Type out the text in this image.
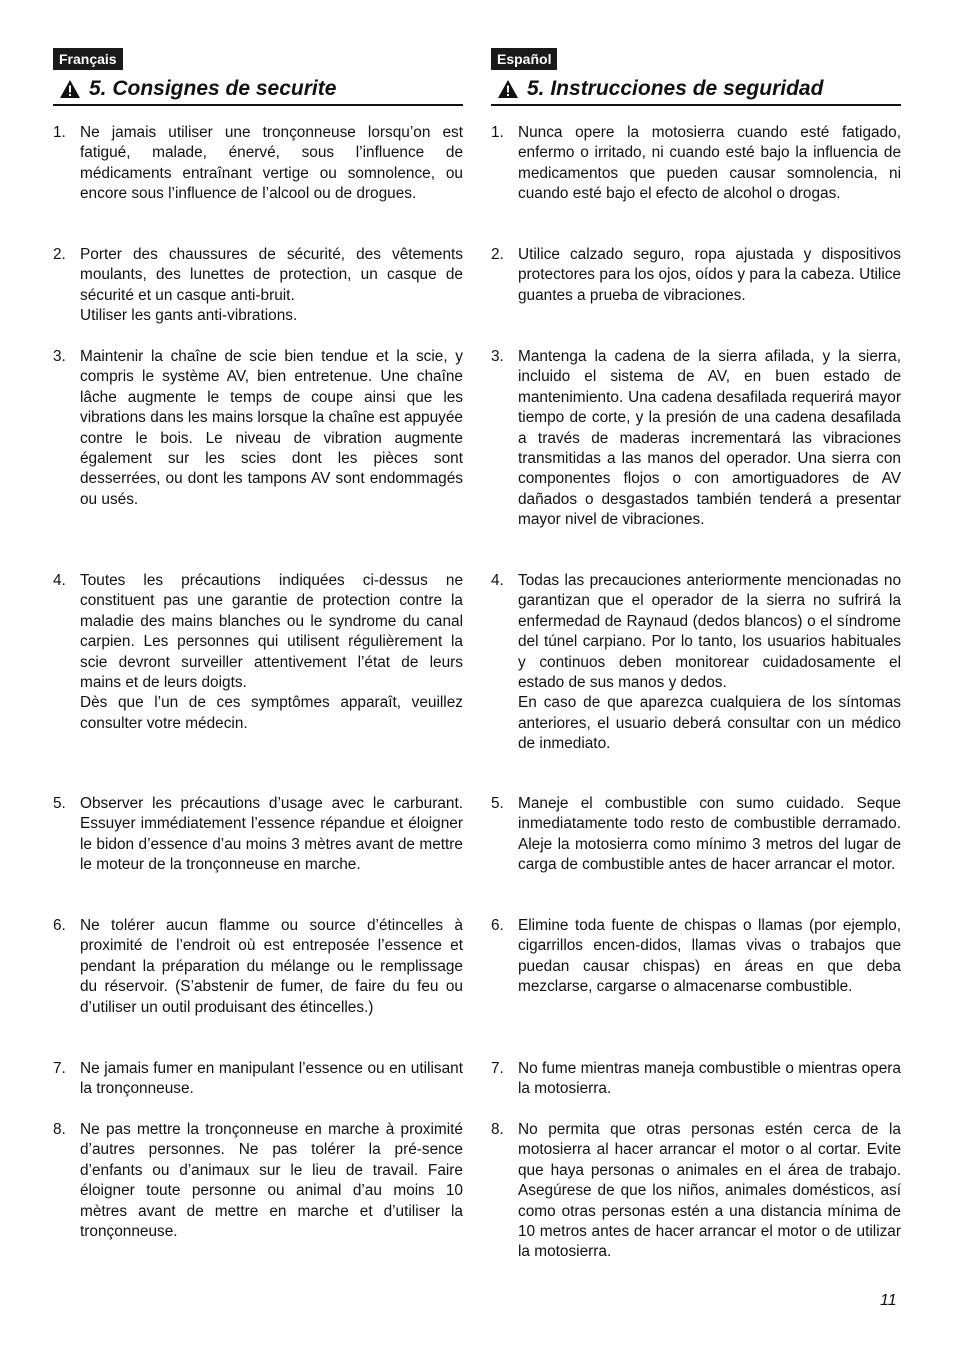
Français
5. Consignes de securite
1. Ne jamais utiliser une tronçonneuse lorsqu’on est fatigué, malade, énervé, sous l’influence de médicaments entraînant vertige ou somnolence, ou encore sous l’influence de l’alcool ou de drogues.

2. Porter des chaussures de sécurité, des vêtements moulants, des lunettes de protection, un casque de sécurité et un casque anti-bruit.

Utiliser les gants anti-vibrations.

3. Maintenir la chaîne de scie bien tendue et la scie, y compris le système AV, bien entretenue. Une chaîne lâche augmente le temps de coupe ainsi que les vibrations dans les mains lorsque la chaîne est appuyée contre le bois. Le niveau de vibration augmente également sur les scies dont les pièces sont desserrées, ou dont les tampons AV sont endommagés ou usés.

4. Toutes les précautions indiquées ci-dessus ne constituent pas une garantie de protection contre la maladie des mains blanches ou le syndrome du canal carpien. Les personnes qui utilisent régulièrement la scie devront surveiller attentivement l’état de leurs mains et de leurs doigts.

Dès que l’un de ces symptômes apparaît, veuillez consulter votre médecin.

5. Observer les précautions d’usage avec le carburant. Essuyer immédiatement l’essence répandue et éloigner le bidon d’essence d’au moins 3 mètres avant de mettre le moteur de la tronçonneuse en marche.

6. Ne tolérer aucun flamme ou source d’étincelles à proximité de l’endroit où est entreposée l’essence et pendant la préparation du mélange ou le remplissage du réservoir. (S’abstenir de fumer, de faire du feu ou d’utiliser un outil produisant des étincelles.)

7. Ne jamais fumer en manipulant l’essence ou en utilisant la tronçonneuse.

8. Ne pas mettre la tronçonneuse en marche à proximité d’autres personnes. Ne pas tolérer la pré-sence d’enfants ou d’animaux sur le lieu de travail. Faire éloigner toute personne ou animal d’au moins 10 mètres avant de mettre en marche et d’utiliser la tronçonneuse.

Español
5. Instrucciones de seguridad
1. Nunca opere la motosierra cuando esté fatigado, enfermo o irritado, ni cuando esté bajo la influencia de medicamentos que pueden causar somnolencia, ni cuando esté bajo el efecto de alcohol o drogas.

2. Utilice calzado seguro, ropa ajustada y dispositivos protectores para los ojos, oídos y para la cabeza. Utilice guantes a prueba de vibraciones.

3. Mantenga la cadena de la sierra afilada, y la sierra, incluido el sistema de AV, en buen estado de mantenimiento. Una cadena desafilada requerirá mayor tiempo de corte, y la presión de una cadena desafilada a través de maderas incrementará las vibraciones transmitidas a las manos del operador. Una sierra con componentes flojos o con amortiguadores de AV dañados o desgastados también tenderá a presentar mayor nivel de vibraciones.

4. Todas las precauciones anteriormente mencionadas no garantizan que el operador de la sierra no sufrirá la enfermedad de Raynaud (dedos blancos) o el síndrome del túnel carpiano. Por lo tanto, los usuarios habituales y continuos deben monitorear cuidadosamente el estado de sus manos y dedos.

En caso de que aparezca cualquiera de los síntomas anteriores, el usuario deberá consultar con un médico de inmediato.

5. Maneje el combustible con sumo cuidado. Seque inmediatamente todo resto de combustible derramado. Aleje la motosierra como mínimo 3 metros del lugar de carga de combustible antes de hacer arrancar el motor.

6. Elimine toda fuente de chispas o llamas (por ejemplo, cigarrillos encen-didos, llamas vivas o trabajos que puedan causar chispas) en áreas en que deba mezclarse, cargarse o almacenarse combustible.

7. No fume mientras maneja combustible o mientras opera la motosierra.

8. No permita que otras personas estén cerca de la motosierra al hacer arrancar el motor o al cortar. Evite que haya personas o animales en el área de trabajo. Asegúrese de que los niños, animales domésticos, así como otras personas estén a una distancia mínima de 10 metros antes de hacer arrancar el motor o de utilizar la motosierra.

11
